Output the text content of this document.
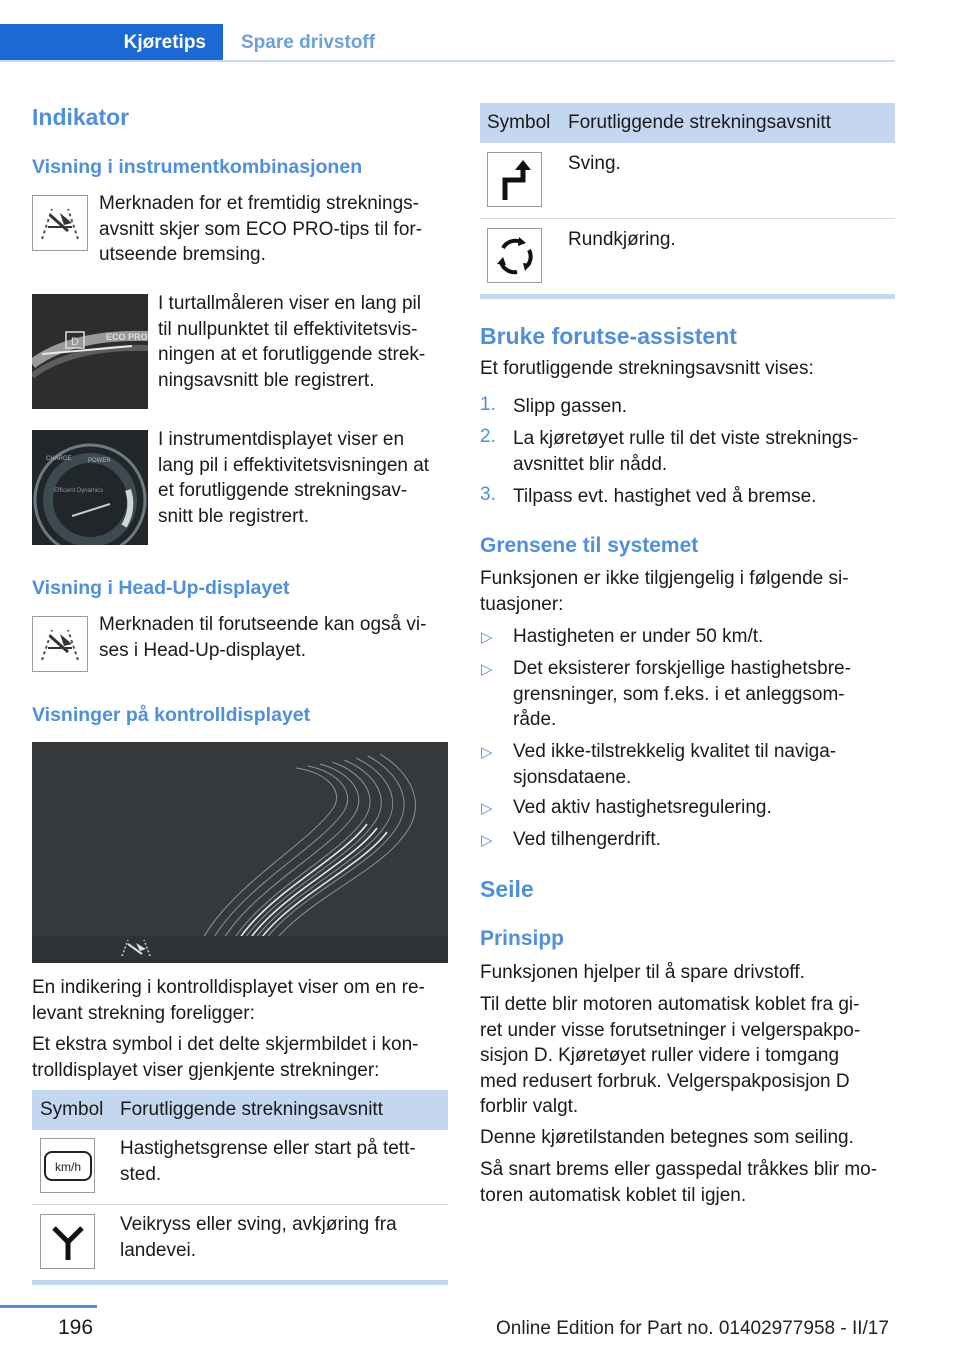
Kjøretips Spare drivstoff
Indikator
Visning i instrumentkombinasjonen
Merknaden for et fremtidig streknings-
avsnitt skjer som ECO PRO-tips til for-
utseende bremsing.
D	ECO PRO
I turtallmåleren viser en lang pil
til nullpunktet til effektivitetsvis-
ningen at et forutliggende strek-
ningsavsnitt ble registrert.
CHARGE	POWER
Efficient Dynamics
I instrumentdisplayet viser en
lang pil i effektivitetsvisningen at
et forutliggende strekningsav-
snitt ble registrert.
Visning i Head-Up-displayet
Merknaden til forutseende kan også vi-
ses i Head-Up-displayet.
Visninger på kontrolldisplayet
En indikering i kontrolldisplayet viser om en re-
levant strekning foreligger:
Et ekstra symbol i det delte skjermbildet i kon-
trolldisplayet viser gjenkjente strekninger:
Symbol Forutliggende strekningsavsnitt
km/h
Hastighetsgrense eller start på tett-
sted.
Veikryss eller sving, avkjøring fra
landevei.
Symbol Forutliggende strekningsavsnitt
Sving.
Rundkjøring.
Bruke forutse-assistent
Et forutliggende strekningsavsnitt vises:
1. Slipp gassen.
2. La kjøretøyet rulle til det viste streknings-
avsnittet blir nådd.
3. Tilpass evt. hastighet ved å bremse.
Grensene til systemet
Funksjonen er ikke tilgjengelig i følgende si-
tuasjoner:
▷ Hastigheten er under 50 km/t.
▷ Det eksisterer forskjellige hastighetsbre-
grensninger, som f.eks. i et anleggsom-
råde.
▷ Ved ikke-tilstrekkelig kvalitet til naviga-
sjonsdataene.
▷ Ved aktiv hastighetsregulering.
▷ Ved tilhengerdrift.
Seile
Prinsipp
Funksjonen hjelper til å spare drivstoff.
Til dette blir motoren automatisk koblet fra gi-
ret under visse forutsetninger i velgerspakpo-
sisjon D. Kjøretøyet ruller videre i tomgang
med redusert forbruk. Velgerspakposisjon D
forblir valgt.
Denne kjøretilstanden betegnes som seiling.
Så snart brems eller gasspedal tråkkes blir mo-
toren automatisk koblet til igjen.
196	Online Edition for Part no. 01402977958 - II/17
